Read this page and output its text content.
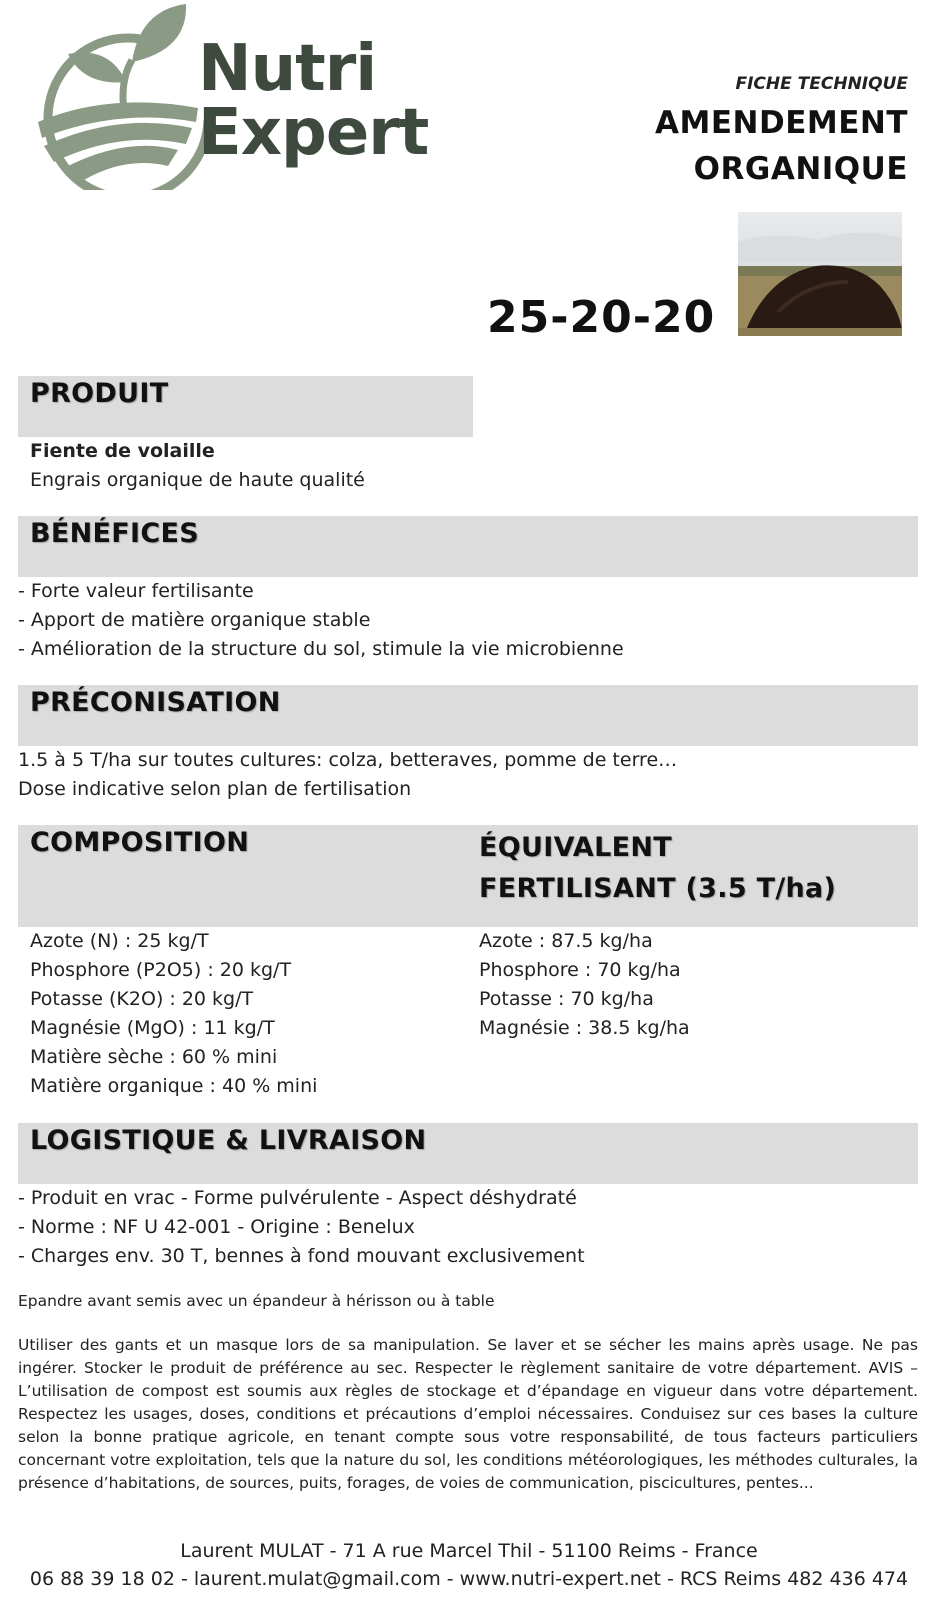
Nutri
Expert
FICHE TECHNIQUE
AMENDEMENT
ORGANIQUE
25-20-20
PRODUIT
Fiente de volaille
Engrais organique de haute qualité
BÉNÉFICES
- Forte valeur fertilisante
- Apport de matière organique stable
- Amélioration de la structure du sol, stimule la vie microbienne
PRÉCONISATION
1.5 à 5 T/ha sur toutes cultures: colza, betteraves, pomme de terre…
Dose indicative selon plan de fertilisation
COMPOSITION	ÉQUIVALENT
FERTILISANT (3.5 T/ha)
Azote (N) : 25 kg/T
Phosphore (P2O5) : 20 kg/T
Potasse (K2O) : 20 kg/T
Magnésie (MgO) : 11 kg/T
Matière sèche : 60 % mini
Matière organique : 40 % mini
Azote : 87.5 kg/ha
Phosphore : 70 kg/ha
Potasse : 70 kg/ha
Magnésie : 38.5 kg/ha
LOGISTIQUE & LIVRAISON
- Produit en vrac - Forme pulvérulente - Aspect déshydraté
- Norme : NF U 42-001 - Origine : Benelux
- Charges env. 30 T, bennes à fond mouvant exclusivement
Epandre avant semis avec un épandeur à hérisson ou à table
Utiliser des gants et un masque lors de sa manipulation. Se laver et se sécher les mains après usage. Ne pas ingérer. Stocker le produit de préférence au sec. Respecter le règlement sanitaire de votre département. AVIS – L’utilisation de compost est soumis aux règles de stockage et d’épandage en vigueur dans votre département. Respectez les usages, doses, conditions et précautions d’emploi nécessaires. Conduisez sur ces bases la culture selon la bonne pratique agricole, en tenant compte sous votre responsabilité, de tous facteurs particuliers concernant votre exploitation, tels que la nature du sol, les conditions météorologiques, les méthodes culturales, la présence d’habitations, de sources, puits, forages, de voies de communication, piscicultures, pentes...
Laurent MULAT - 71 A rue Marcel Thil - 51100 Reims - France
06 88 39 18 02 - laurent.mulat@gmail.com - www.nutri-expert.net - RCS Reims 482 436 474
